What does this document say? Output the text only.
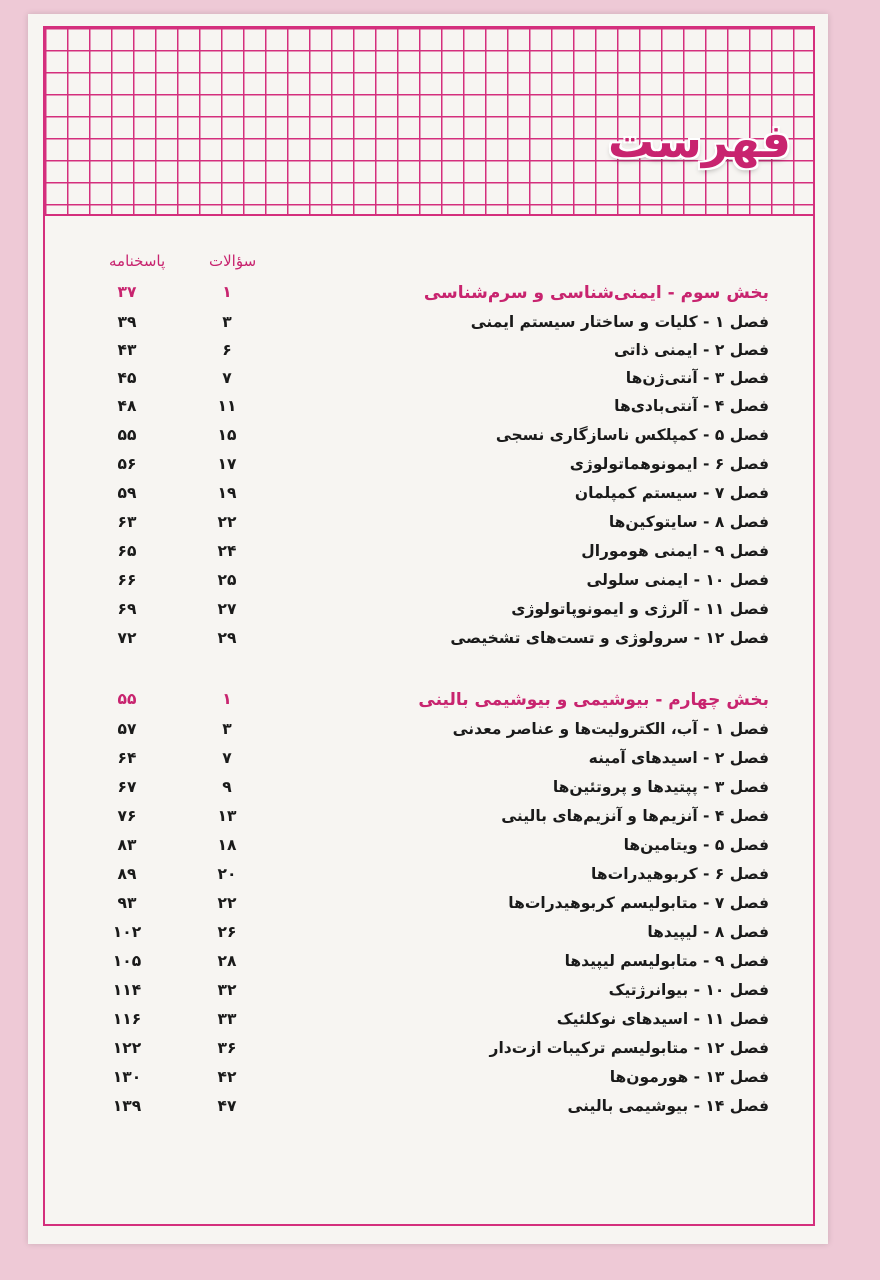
فهرست
سؤالات
پاسخنامه
بخش سوم - ایمنی‌شناسی و سرم‌شناسی
۱
۳۷
فصل ۱ - کلیات و ساختار سیستم ایمنی
۳
۳۹
فصل ۲ - ایمنی ذاتی
۶
۴۳
فصل ۳ - آنتی‌ژن‌ها
۷
۴۵
فصل ۴ - آنتی‌بادی‌ها
۱۱
۴۸
فصل ۵ - کمپلکس ناسازگاری نسجی
۱۵
۵۵
فصل ۶ - ایمونوهماتولوژی
۱۷
۵۶
فصل ۷ - سیستم کمپلمان
۱۹
۵۹
فصل ۸ - سایتوکین‌ها
۲۲
۶۳
فصل ۹ - ایمنی هومورال
۲۴
۶۵
فصل ۱۰ - ایمنی سلولی
۲۵
۶۶
فصل ۱۱ - آلرژی و ایمونوپاتولوژی
۲۷
۶۹
فصل ۱۲ - سرولوژی و تست‌های تشخیصی
۲۹
۷۲
بخش چهارم - بیوشیمی و بیوشیمی بالینی
۱
۵۵
فصل ۱ - آب، الکترولیت‌ها و عناصر معدنی
۳
۵۷
فصل ۲ - اسیدهای آمینه
۷
۶۴
فصل ۳ - پپتیدها و پروتئین‌ها
۹
۶۷
فصل ۴ - آنزیم‌ها و آنزیم‌های بالینی
۱۳
۷۶
فصل ۵ - ویتامین‌ها
۱۸
۸۳
فصل ۶ - کربوهیدرات‌ها
۲۰
۸۹
فصل ۷ - متابولیسم کربوهیدرات‌ها
۲۲
۹۳
فصل ۸ - لیپیدها
۲۶
۱۰۲
فصل ۹ - متابولیسم لیپیدها
۲۸
۱۰۵
فصل ۱۰ - بیوانرژتیک
۳۲
۱۱۴
فصل ۱۱ - اسیدهای نوکلئیک
۳۳
۱۱۶
فصل ۱۲ - متابولیسم ترکیبات ازت‌دار
۳۶
۱۲۲
فصل ۱۳ - هورمون‌ها
۴۲
۱۳۰
فصل ۱۴ - بیوشیمی بالینی
۴۷
۱۳۹
